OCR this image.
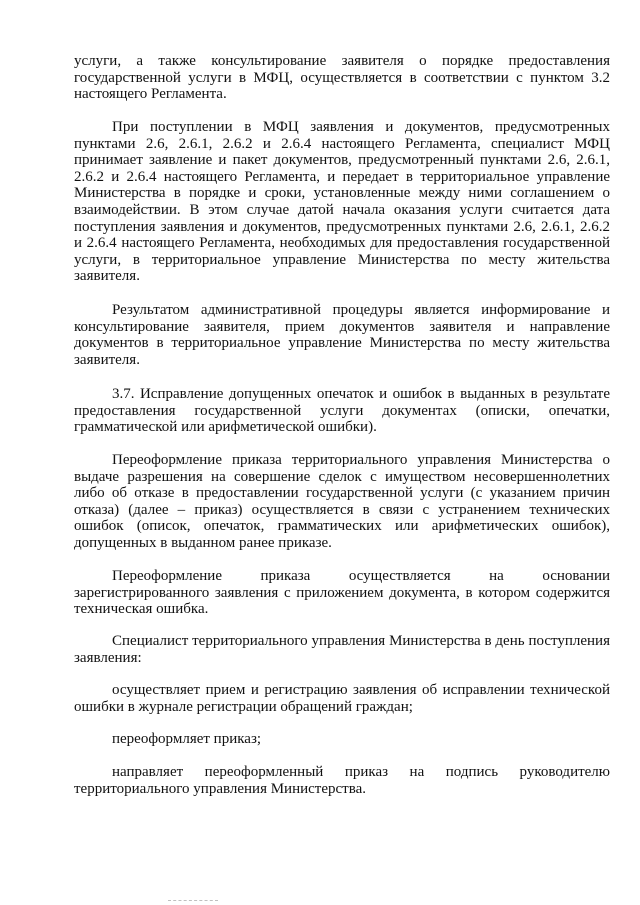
услуги, а также консультирование заявителя о порядке предоставления государственной услуги в МФЦ, осуществляется в соответствии с пунктом 3.2 настоящего Регламента.

При поступлении в МФЦ заявления и документов, предусмотренных пунктами 2.6, 2.6.1, 2.6.2 и 2.6.4 настоящего Регламента, специалист МФЦ принимает заявление и пакет документов, предусмотренный пунктами 2.6, 2.6.1, 2.6.2 и 2.6.4 настоящего Регламента, и передает в территориальное управление Министерства в порядке и сроки, установленные между ними соглашением о взаимодействии. В этом случае датой начала оказания услуги считается дата поступления заявления и документов, предусмотренных пунктами 2.6, 2.6.1, 2.6.2 и 2.6.4 настоящего Регламента, необходимых для предоставления государственной услуги, в территориальное управление Министерства по месту жительства заявителя.

Результатом административной процедуры является информирование и консультирование заявителя, прием документов заявителя и направление документов в территориальное управление Министерства по месту жительства заявителя.

3.7. Исправление допущенных опечаток и ошибок в выданных в результате предоставления государственной услуги документах (описки, опечатки, грамматической или арифметической ошибки).

Переоформление приказа территориального управления Министерства о выдаче разрешения на совершение сделок с имуществом несовершеннолетних либо об отказе в предоставлении государственной услуги (с указанием причин отказа) (далее – приказ) осуществляется в связи с устранением технических ошибок (описок, опечаток, грамматических или арифметических ошибок), допущенных в выданном ранее приказе.

Переоформление приказа осуществляется на основании зарегистрированного заявления с приложением документа, в котором содержится техническая ошибка.

Специалист территориального управления Министерства в день поступления заявления:

осуществляет прием и регистрацию заявления об исправлении технической ошибки в журнале регистрации обращений граждан;

переоформляет приказ;

направляет переоформленный приказ на подпись руководителю территориального управления Министерства.
